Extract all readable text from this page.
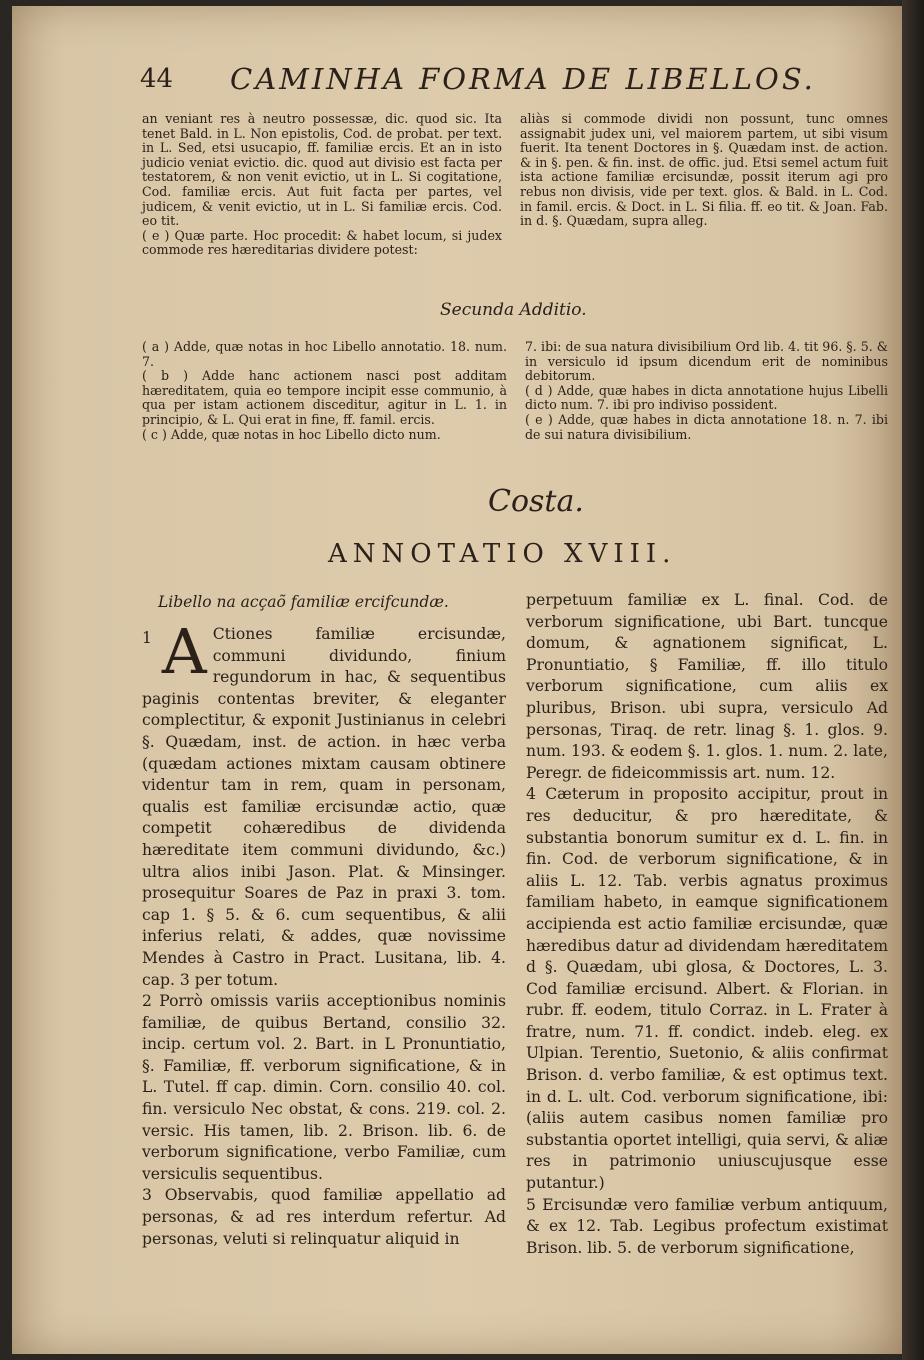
44 CAMINHA FORMA DE LIBELLOS.

an veniant res à neutro possessæ, dic. quod sic. Ita tenet Bald. in L. Non epistolis, Cod. de probat. per text. in L. Sed, etsi usucapio, ff. familiæ ercis. Et an in isto judicio veniat evictio. dic. quod aut divisio est facta per testatorem, & non venit evictio, ut in L. Si cogitatione, Cod. familiæ ercis. Aut fuit facta per partes, vel judicem, & venit evictio, ut in L. Si familiæ ercis. Cod. eo tit.

( e ) Quæ parte. Hoc procedit: & habet locum, si judex commode res hæreditarias dividere potest:

aliàs si commode dividi non possunt, tunc omnes assignabit judex uni, vel maiorem partem, ut sibi visum fuerit. Ita tenent Doctores in §. Quædam inst. de action. & in §. pen. & fin. inst. de offic. jud. Etsi semel actum fuit ista actione familiæ ercisundæ, possit iterum agi pro rebus non divisis, vide per text. glos. & Bald. in L. Cod. in famil. ercis. & Doct. in L. Si filia. ff. eo tit. & Joan. Fab. in d. §. Quædam, supra alleg.

Secunda Additio.

( a ) Adde, quæ notas in hoc Libello annotatio. 18. num. 7.

( b ) Adde hanc actionem nasci post additam hæreditatem, quia eo tempore incipit esse communio, à qua per istam actionem disceditur, agitur in L. 1. in principio, & L. Qui erat in fine, ff. famil. ercis.

( c ) Adde, quæ notas in hoc Libello dicto num.

7. ibi: de sua natura divisibilium Ord lib. 4. tit 96. §. 5. & in versiculo id ipsum dicendum erit de nominibus debitorum.

( d ) Adde, quæ habes in dicta annotatione hujus Libelli dicto num. 7. ibi pro indiviso possident.

( e ) Adde, quæ habes in dicta annotatione 18. n. 7. ibi de sui natura divisibilium.

Costa.
ANNOTATIO XVIII.
Libello na acçaõ familiæ ercifcundæ.
1 A Ctiones familiæ ercisundæ, communi dividundo, finium regundorum in hac, & sequentibus paginis contentas breviter, & eleganter complectitur, & exponit Justinianus in celebri §. Quædam, inst. de action. in hæc verba (quædam actiones mixtam causam obtinere videntur tam in rem, quam in personam, qualis est familiæ ercisundæ actio, quæ competit cohæredibus de dividenda hæreditate item communi dividundo, &c.) ultra alios inibi Jason. Plat. & Minsinger. prosequitur Soares de Paz in praxi 3. tom. cap 1. § 5. & 6. cum sequentibus, & alii inferius relati, & addes, quæ novissime Mendes à Castro in Pract. Lusitana, lib. 4. cap. 3 per totum.

2 Porrò omissis variis acceptionibus nominis familiæ, de quibus Bertand, consilio 32. incip. certum vol. 2. Bart. in L Pronuntiatio, §. Familiæ, ff. verborum significatione, & in L. Tutel. ff cap. dimin. Corn. consilio 40. col. fin. versiculo Nec obstat, & cons. 219. col. 2. versic. His tamen, lib. 2. Brison. lib. 6. de verborum significatione, verbo Familiæ, cum versiculis sequentibus.

3 Observabis, quod familiæ appellatio ad personas, & ad res interdum refertur. Ad personas, veluti si relinquatur aliquid in

perpetuum familiæ ex L. final. Cod. de verborum significatione, ubi Bart. tuncque domum, & agnationem significat, L. Pronuntiatio, § Familiæ, ff. illo titulo verborum significatione, cum aliis ex pluribus, Brison. ubi supra, versiculo Ad personas, Tiraq. de retr. linag §. 1. glos. 9. num. 193. & eodem §. 1. glos. 1. num. 2. late, Peregr. de fideicommissis art. num. 12.

4 Cæterum in proposito accipitur, prout in res deducitur, & pro hæreditate, & substantia bonorum sumitur ex d. L. fin. in fin. Cod. de verborum significatione, & in aliis L. 12. Tab. verbis agnatus proximus familiam habeto, in eamque significationem accipienda est actio familiæ ercisundæ, quæ hæredibus datur ad dividendam hæreditatem d §. Quædam, ubi glosa, & Doctores, L. 3. Cod familiæ ercisund. Albert. & Florian. in rubr. ff. eodem, titulo Corraz. in L. Frater à fratre, num. 71. ff. condict. indeb. eleg. ex Ulpian. Terentio, Suetonio, & aliis confirmat Brison. d. verbo familiæ, & est optimus text. in d. L. ult. Cod. verborum significatione, ibi: (aliis autem casibus nomen familiæ pro substantia oportet intelligi, quia servi, & aliæ res in patrimonio uniuscujusque esse putantur.)

5 Ercisundæ vero familiæ verbum antiquum, & ex 12. Tab. Legibus profectum existimat Brison. lib. 5. de verborum significatione,
